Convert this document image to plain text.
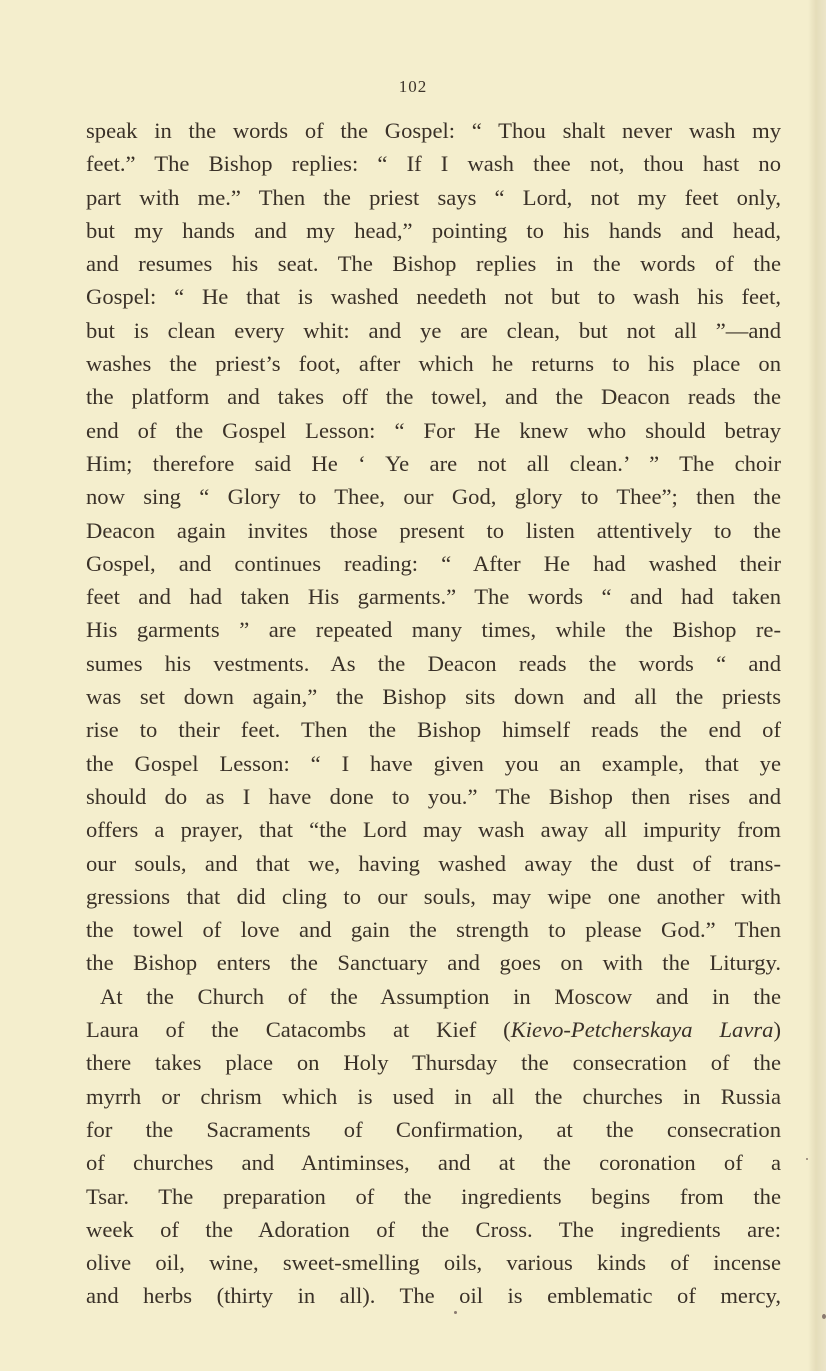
102
speak in the words of the Gospel: “ Thou shalt never wash my
feet.” The Bishop replies: “ If I wash thee not, thou hast no
part with me.” Then the priest says “ Lord, not my feet only,
but my hands and my head,” pointing to his hands and head,
and resumes his seat. The Bishop replies in the words of the
Gospel: “ He that is washed needeth not but to wash his feet,
but is clean every whit: and ye are clean, but not all ”—and
washes the priest’s foot, after which he returns to his place on
the platform and takes off the towel, and the Deacon reads the
end of the Gospel Lesson: “ For He knew who should betray
Him; therefore said He ‘ Ye are not all clean.’ ” The choir
now sing “ Glory to Thee, our God, glory to Thee”; then the
Deacon again invites those present to listen attentively to the
Gospel, and continues reading: “ After He had washed their
feet and had taken His garments.” The words “ and had taken
His garments ” are repeated many times, while the Bishop re-
sumes his vestments. As the Deacon reads the words “ and
was set down again,” the Bishop sits down and all the priests
rise to their feet. Then the Bishop himself reads the end of
the Gospel Lesson: “ I have given you an example, that ye
should do as I have done to you.” The Bishop then rises and
offers a prayer, that “the Lord may wash away all impurity from
our souls, and that we, having washed away the dust of trans-
gressions that did cling to our souls, may wipe one another with
the towel of love and gain the strength to please God.” Then
the Bishop enters the Sanctuary and goes on with the Liturgy.
At the Church of the Assumption in Moscow and in the
Laura of the Catacombs at Kief (Kievo-Petcherskaya Lavra)
there takes place on Holy Thursday the consecration of the
myrrh or chrism which is used in all the churches in Russia
for the Sacraments of Confirmation, at the consecration
of churches and Antiminses, and at the coronation of a
Tsar. The preparation of the ingredients begins from the
week of the Adoration of the Cross. The ingredients are:
olive oil, wine, sweet-smelling oils, various kinds of incense
and herbs (thirty in all). The oil is emblematic of mercy,
